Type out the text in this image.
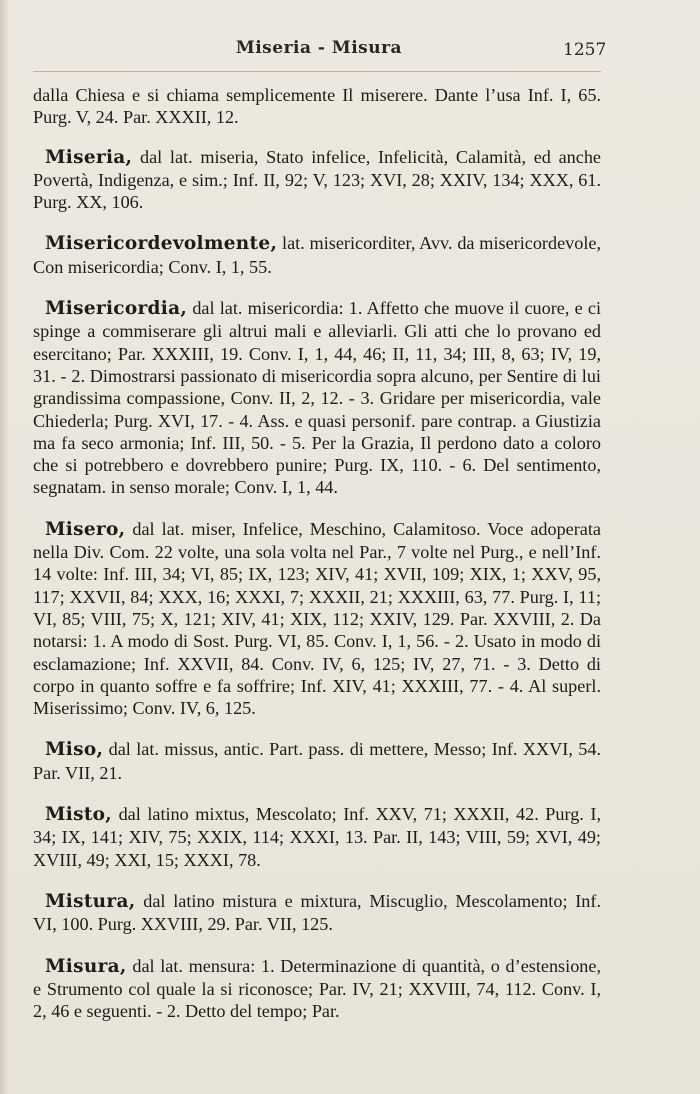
Miseria - Misura	1257

dalla Chiesa e si chiama semplicemente Il miserere. Dante l’usa Inf. I, 65. Purg. V, 24. Par. XXXII, 12.

Miseria, dal lat. miseria, Stato infelice, Infelicità, Calamità, ed anche Povertà, Indigenza, e sim.; Inf. II, 92; V, 123; XVI, 28; XXIV, 134; XXX, 61. Purg. XX, 106.

Misericordevolmente, lat. misericorditer, Avv. da misericordevole, Con misericordia; Conv. I, 1, 55.

Misericordia, dal lat. misericordia: 1. Affetto che muove il cuore, e ci spinge a commiserare gli altrui mali e alleviarli. Gli atti che lo provano ed esercitano; Par. XXXIII, 19. Conv. I, 1, 44, 46; II, 11, 34; III, 8, 63; IV, 19, 31. - 2. Dimostrarsi passionato di misericordia sopra alcuno, per Sentire di lui grandissima compassione, Conv. II, 2, 12. - 3. Gridare per misericordia, vale Chiederla; Purg. XVI, 17. - 4. Ass. e quasi personif. pare contrap. a Giustizia ma fa seco armonia; Inf. III, 50. - 5. Per la Grazia, Il perdono dato a coloro che si potrebbero e dovrebbero punire; Purg. IX, 110. - 6. Del sentimento, segnatam. in senso morale; Conv. I, 1, 44.

Misero, dal lat. miser, Infelice, Meschino, Calamitoso. Voce adoperata nella Div. Com. 22 volte, una sola volta nel Par., 7 volte nel Purg., e nell’Inf. 14 volte: Inf. III, 34; VI, 85; IX, 123; XIV, 41; XVII, 109; XIX, 1; XXV, 95, 117; XXVII, 84; XXX, 16; XXXI, 7; XXXII, 21; XXXIII, 63, 77. Purg. I, 11; VI, 85; VIII, 75; X, 121; XIV, 41; XIX, 112; XXIV, 129. Par. XXVIII, 2. Da notarsi: 1. A modo di Sost. Purg. VI, 85. Conv. I, 1, 56. - 2. Usato in modo di esclamazione; Inf. XXVII, 84. Conv. IV, 6, 125; IV, 27, 71. - 3. Detto di corpo in quanto soffre e fa soffrire; Inf. XIV, 41; XXXIII, 77. - 4. Al superl. Miserissimo; Conv. IV, 6, 125.

Miso, dal lat. missus, antic. Part. pass. di mettere, Messo; Inf. XXVI, 54. Par. VII, 21.

Misto, dal latino mixtus, Mescolato; Inf. XXV, 71; XXXII, 42. Purg. I, 34; IX, 141; XIV, 75; XXIX, 114; XXXI, 13. Par. II, 143; VIII, 59; XVI, 49; XVIII, 49; XXI, 15; XXXI, 78.

Mistura, dal latino mistura e mixtura, Miscuglio, Mescolamento; Inf. VI, 100. Purg. XXVIII, 29. Par. VII, 125.

Misura, dal lat. mensura: 1. Determinazione di quantità, o d’estensione, e Strumento col quale la si riconosce; Par. IV, 21; XXVIII, 74, 112. Conv. I, 2, 46 e seguenti. - 2. Detto del tempo; Par.
